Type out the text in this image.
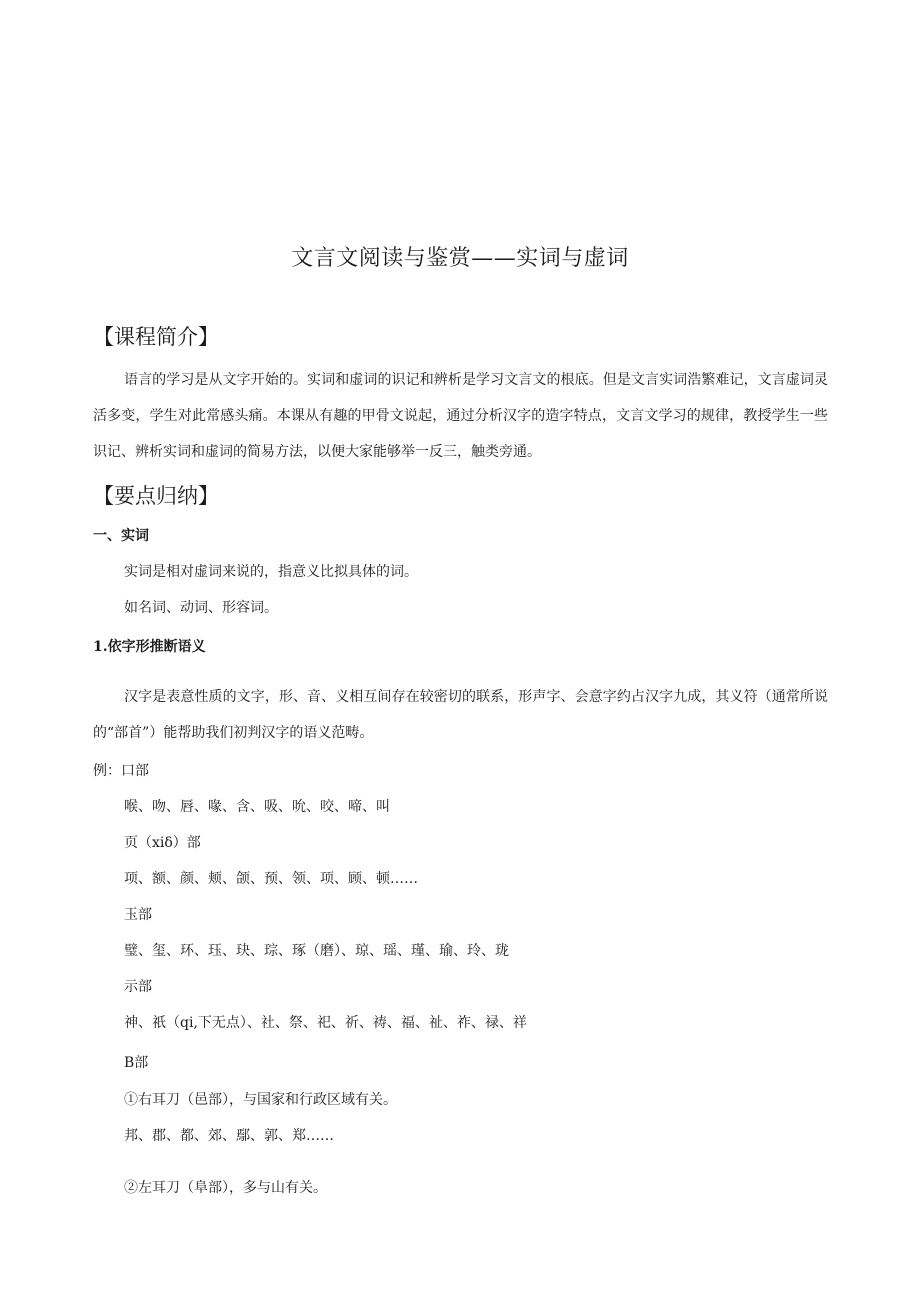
文言文阅读与鉴赏——实词与虚词
【课程简介】
语言的学习是从文字开始的。实词和虚词的识记和辨析是学习文言文的根底。但是文言实词浩繁难记，文言虚词灵活多变，学生对此常感头痛。本课从有趣的甲骨文说起，通过分析汉字的造字特点，文言文学习的规律，教授学生一些识记、辨析实词和虚词的简易方法，以便大家能够举一反三，触类旁通。
【要点归纳】
一、实词
实词是相对虚词来说的，指意义比拟具体的词。
如名词、动词、形容词。
1.依字形推断语义
汉字是表意性质的文字，形、音、义相互间存在较密切的联系，形声字、会意字约占汉字九成，其义符（通常所说的“部首”）能帮助我们初判汉字的语义范畴。
例：口部
喉、吻、唇、喙、含、吸、吮、咬、啼、叫
页（xiδ）部
项、额、颜、颊、颌、预、领、项、顾、顿……
玉部
璧、玺、环、珏、玦、琮、琢（磨）、琼、瑶、瑾、瑜、玲、珑
示部
神、祇（qi,下无点）、社、祭、祀、祈、祷、福、祉、祚、禄、祥
B部
①右耳刀（邑部），与国家和行政区域有关。
邦、郡、都、郊、鄢、郭、郑……
②左耳刀（阜部），多与山有关。
